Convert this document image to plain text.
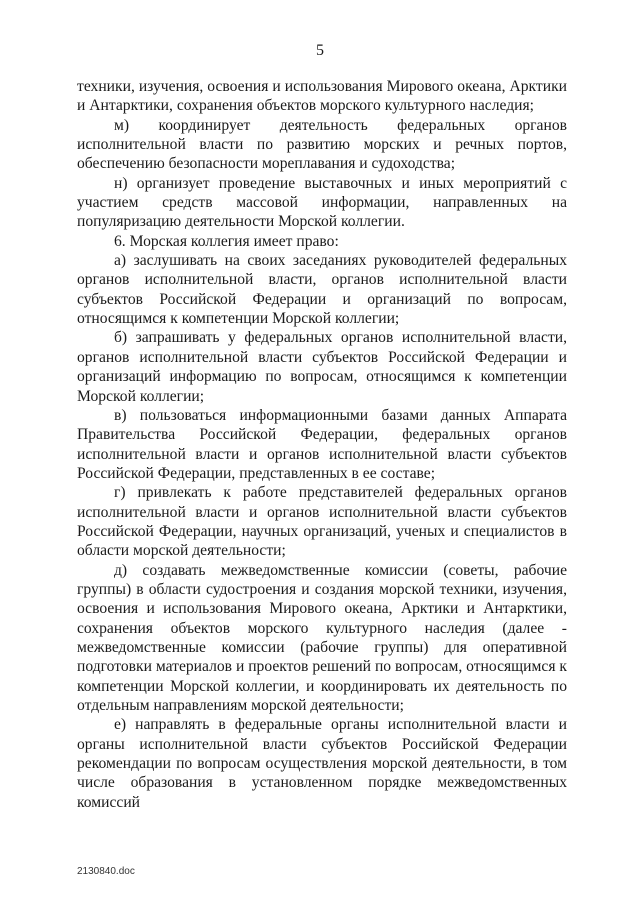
5

техники, изучения, освоения и использования Мирового океана, Арктики и Антарктики, сохранения объектов морского культурного наследия;

м) координирует деятельность федеральных органов исполнительной власти по развитию морских и речных портов, обеспечению безопасности мореплавания и судоходства;

н) организует проведение выставочных и иных мероприятий с участием средств массовой информации, направленных на популяризацию деятельности Морской коллегии.

6. Морская коллегия имеет право:

а) заслушивать на своих заседаниях руководителей федеральных органов исполнительной власти, органов исполнительной власти субъектов Российской Федерации и организаций по вопросам, относящимся к компетенции Морской коллегии;

б) запрашивать у федеральных органов исполнительной власти, органов исполнительной власти субъектов Российской Федерации и организаций информацию по вопросам, относящимся к компетенции Морской коллегии;

в) пользоваться информационными базами данных Аппарата Правительства Российской Федерации, федеральных органов исполнительной власти и органов исполнительной власти субъектов Российской Федерации, представленных в ее составе;

г) привлекать к работе представителей федеральных органов исполнительной власти и органов исполнительной власти субъектов Российской Федерации, научных организаций, ученых и специалистов в области морской деятельности;

д) создавать межведомственные комиссии (советы, рабочие группы) в области судостроения и создания морской техники, изучения, освоения и использования Мирового океана, Арктики и Антарктики, сохранения объектов морского культурного наследия (далее - межведомственные комиссии (рабочие группы) для оперативной подготовки материалов и проектов решений по вопросам, относящимся к компетенции Морской коллегии, и координировать их деятельность по отдельным направлениям морской деятельности;

е) направлять в федеральные органы исполнительной власти и органы исполнительной власти субъектов Российской Федерации рекомендации по вопросам осуществления морской деятельности, в том числе образования в установленном порядке межведомственных комиссий

2130840.doc
